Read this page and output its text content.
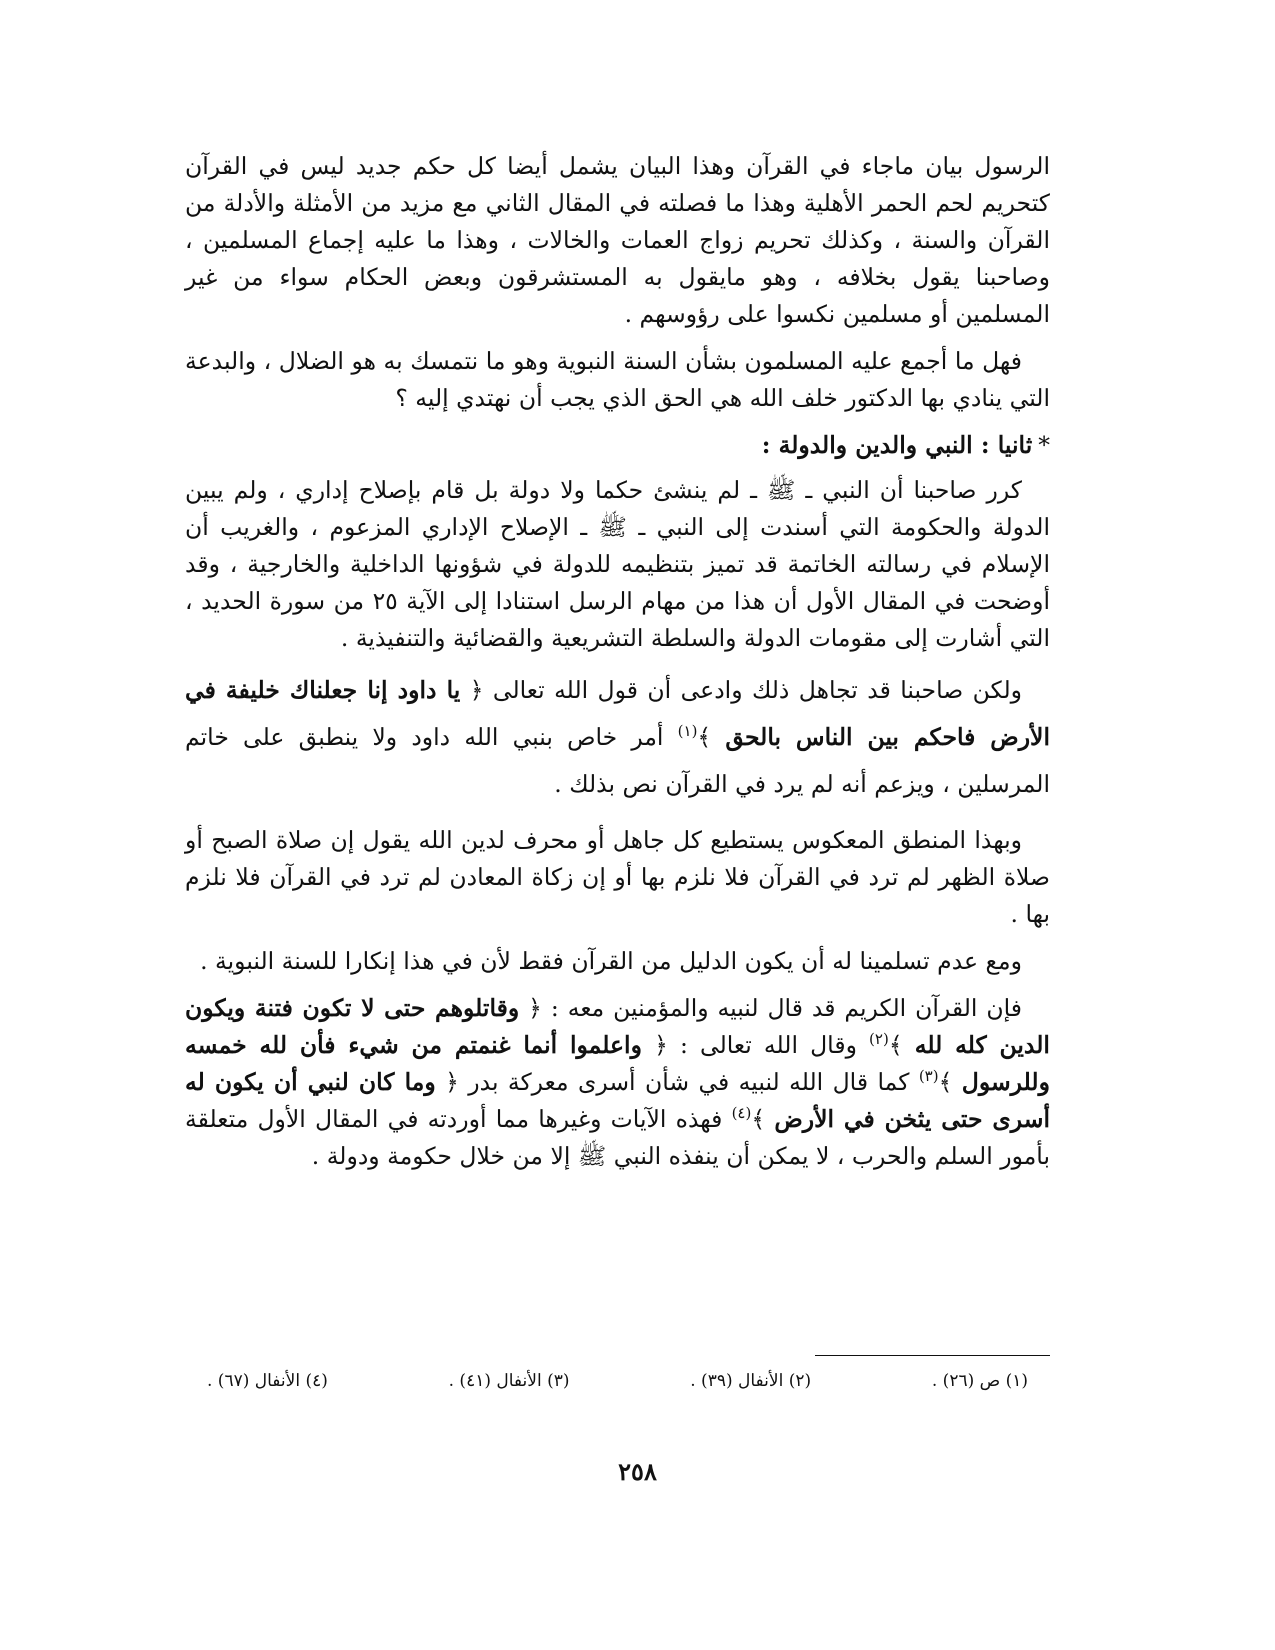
الرسول بيان ماجاء في القرآن وهذا البيان يشمل أيضا كل حكم جديد ليس في القرآن كتحريم لحم الحمر الأهلية وهذا ما فصلته في المقال الثاني مع مزيد من الأمثلة والأدلة من القرآن والسنة ، وكذلك تحريم زواج العمات والخالات ، وهذا ما عليه إجماع المسلمين ، وصاحبنا يقول بخلافه ، وهو مايقول به المستشرقون وبعض الحكام سواء من غير المسلمين أو مسلمين نكسوا على رؤوسهم .

فهل ما أجمع عليه المسلمون بشأن السنة النبوية وهو ما نتمسك به هو الضلال ، والبدعة التي ينادي بها الدكتور خلف الله هي الحق الذي يجب أن نهتدي إليه ؟

*ثانيا : النبي والدين والدولة :

كرر صاحبنا أن النبي ـ ﷺ ـ لم ينشئ حكما ولا دولة بل قام بإصلاح إداري ، ولم يبين الدولة والحكومة التي أسندت إلى النبي ـ ﷺ ـ الإصلاح الإداري المزعوم ، والغريب أن الإسلام في رسالته الخاتمة قد تميز بتنظيمه للدولة في شؤونها الداخلية والخارجية ، وقد أوضحت في المقال الأول أن هذا من مهام الرسل استنادا إلى الآية ٢٥ من سورة الحديد ، التي أشارت إلى مقومات الدولة والسلطة التشريعية والقضائية والتنفيذية .

ولكن صاحبنا قد تجاهل ذلك وادعى أن قول الله تعالى ﴿ يا داود إنا جعلناك خليفة في الأرض فاحكم بين الناس بالحق ﴾$^{(١)}$ أمر خاص بنبي الله داود ولا ينطبق على خاتم المرسلين ، ويزعم أنه لم يرد في القرآن نص بذلك .

وبهذا المنطق المعكوس يستطيع كل جاهل أو محرف لدين الله يقول إن صلاة الصبح أو صلاة الظهر لم ترد في القرآن فلا نلزم بها أو إن زكاة المعادن لم ترد في القرآن فلا نلزم بها .

ومع عدم تسلمينا له أن يكون الدليل من القرآن فقط لأن في هذا إنكارا للسنة النبوية .

فإن القرآن الكريم قد قال لنبيه والمؤمنين معه : ﴿ وقاتلوهم حتى لا تكون فتنة ويكون الدين كله لله ﴾$^{(٢)}$ وقال الله تعالى : ﴿ واعلموا أنما غنمتم من شيء فأن لله خمسه وللرسول ﴾$^{(٣)}$ كما قال الله لنبيه في شأن أسرى معركة بدر ﴿ وما كان لنبي أن يكون له أسرى حتى يثخن في الأرض ﴾$^{(٤)}$ فهذه الآيات وغيرها مما أوردته في المقال الأول متعلقة بأمور السلم والحرب ، لا يمكن أن ينفذه النبي ﷺ إلا من خلال حكومة ودولة .

(١) ص (٢٦) .
(٢) الأنفال (٣٩) .
(٣) الأنفال (٤١) .
(٤) الأنفال (٦٧) .
٢٥٨
